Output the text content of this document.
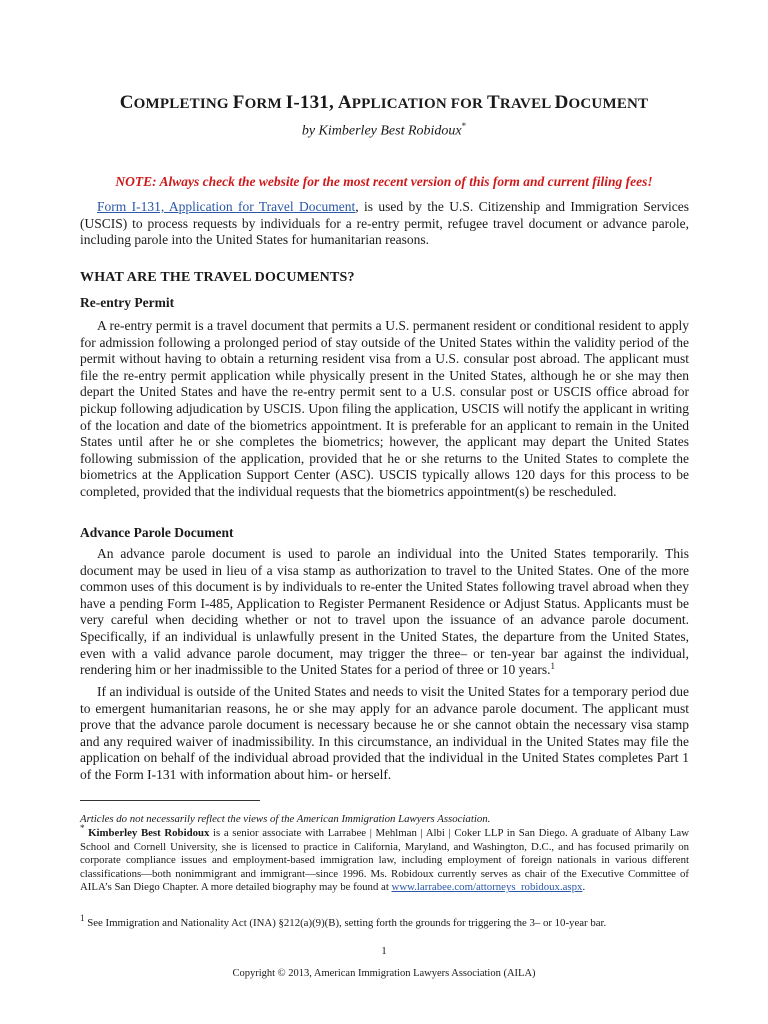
COMPLETING FORM I-131, APPLICATION FOR TRAVEL DOCUMENT

by Kimberley Best Robidoux*

NOTE: Always check the website for the most recent version of this form and current filing fees!

Form I-131, Application for Travel Document, is used by the U.S. Citizenship and Immigration Services (USCIS) to process requests by individuals for a re-entry permit, refugee travel document or advance parole, including parole into the United States for humanitarian reasons.

WHAT ARE THE TRAVEL DOCUMENTS?
Re-entry Permit

A re-entry permit is a travel document that permits a U.S. permanent resident or conditional resident to apply for admission following a prolonged period of stay outside of the United States within the validity period of the permit without having to obtain a returning resident visa from a U.S. consular post abroad. The applicant must file the re-entry permit application while physically present in the United States, although he or she may then depart the United States and have the re-entry permit sent to a U.S. consular post or USCIS office abroad for pickup following adjudication by USCIS. Upon filing the application, USCIS will notify the applicant in writing of the location and date of the biometrics appointment. It is preferable for an applicant to remain in the United States until after he or she completes the biometrics; however, the applicant may depart the United States following submission of the application, provided that he or she returns to the United States to complete the biometrics at the Application Support Center (ASC). USCIS typically allows 120 days for this process to be completed, provided that the individual requests that the biometrics appointment(s) be rescheduled.

Advance Parole Document

An advance parole document is used to parole an individual into the United States temporarily. This document may be used in lieu of a visa stamp as authorization to travel to the United States. One of the more common uses of this document is by individuals to re-enter the United States following travel abroad when they have a pending Form I-485, Application to Register Permanent Residence or Adjust Status. Applicants must be very careful when deciding whether or not to travel upon the issuance of an advance parole document. Specifically, if an individual is unlawfully present in the United States, the departure from the United States, even with a valid advance parole document, may trigger the three– or ten-year bar against the individual, rendering him or her inadmissible to the United States for a period of three or 10 years.$^1$

If an individual is outside of the United States and needs to visit the United States for a temporary period due to emergent humanitarian reasons, he or she may apply for an advance parole document. The applicant must prove that the advance parole document is necessary because he or she cannot obtain the necessary visa stamp and any required waiver of inadmissibility. In this circumstance, an individual in the United States may file the application on behalf of the individual abroad provided that the individual in the United States completes Part 1 of the Form I-131 with information about him- or herself.

Articles do not necessarily reflect the views of the American Immigration Lawyers Association.

* Kimberley Best Robidoux is a senior associate with Larrabee | Mehlman | Albi | Coker LLP in San Diego. A graduate of Albany Law School and Cornell University, she is licensed to practice in California, Maryland, and Washington, D.C., and has focused primarily on corporate compliance issues and employment-based immigration law, including employment of foreign nationals in various different classifications—both nonimmigrant and immigrant—since 1996. Ms. Robidoux currently serves as chair of the Executive Committee of AILA’s San Diego Chapter. A more detailed biography may be found at www.larrabee.com/attorneys_robidoux.aspx.

$^1$ See Immigration and Nationality Act (INA) §212(a)(9)(B), setting forth the grounds for triggering the 3– or 10-year bar.

1

Copyright © 2013, American Immigration Lawyers Association (AILA)
